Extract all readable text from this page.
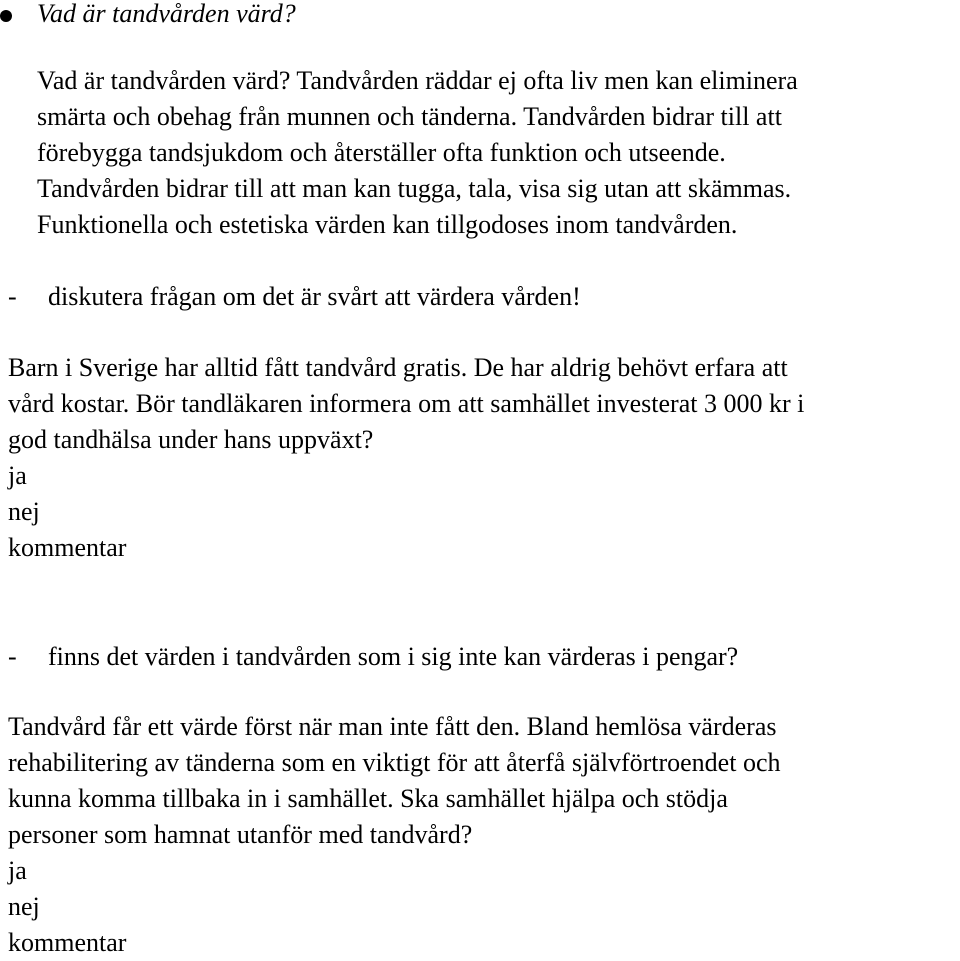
Vad är tandvården värd?
Vad är tandvården värd? Tandvården räddar ej ofta liv men kan eliminera
smärta och obehag från munnen och tänderna. Tandvården bidrar till att
förebygga tandsjukdom och återställer ofta funktion och utseende.
Tandvården bidrar till att man kan tugga, tala, visa sig utan att skämmas.
Funktionella och estetiska värden kan tillgodoses inom tandvården.
- diskutera frågan om det är svårt att värdera vården!
Barn i Sverige har alltid fått tandvård gratis. De har aldrig behövt erfara att
vård kostar. Bör tandläkaren informera om att samhället investerat 3 000 kr i
god tandhälsa under hans uppväxt?
ja
nej
kommentar
- finns det värden i tandvården som i sig inte kan värderas i pengar?
Tandvård får ett värde först när man inte fått den. Bland hemlösa värderas
rehabilitering av tänderna som en viktigt för att återfå självförtroendet och
kunna komma tillbaka in i samhället. Ska samhället hjälpa och stödja
personer som hamnat utanför med tandvård?
ja
nej
kommentar
